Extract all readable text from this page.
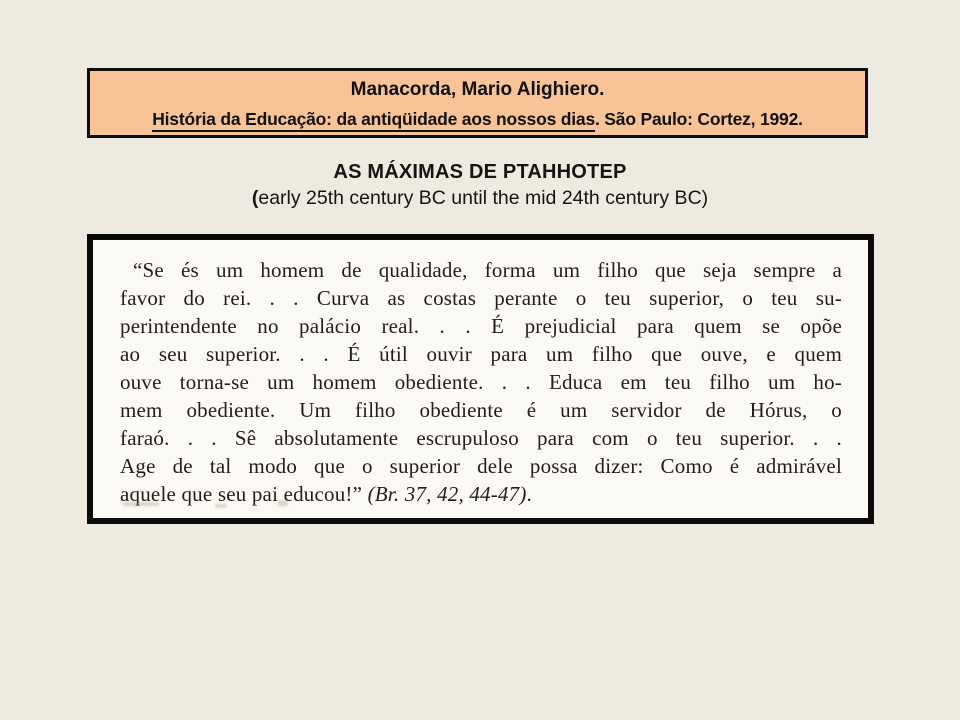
Manacorda, Mario Alighiero.
História da Educação: da antiqüidade aos nossos dias. São Paulo: Cortez, 1992.
AS MÁXIMAS DE PTAHHOTEP
(early 25th century BC until the mid 24th century BC)
“Se és um homem de qualidade, forma um filho que seja sempre a
favor do rei. . . Curva as costas perante o teu superior, o teu su-
perintendente no palácio real. . . É prejudicial para quem se opõe
ao seu superior. . . É útil ouvir para um filho que ouve, e quem
ouve torna-se um homem obediente. . . Educa em teu filho um ho-
mem obediente. Um filho obediente é um servidor de Hórus, o
faraó. . . Sê absolutamente escrupuloso para com o teu superior. . .
Age de tal modo que o superior dele possa dizer: Como é admirável
aquele que seu pai educou!” (Br. 37, 42, 44-47).
